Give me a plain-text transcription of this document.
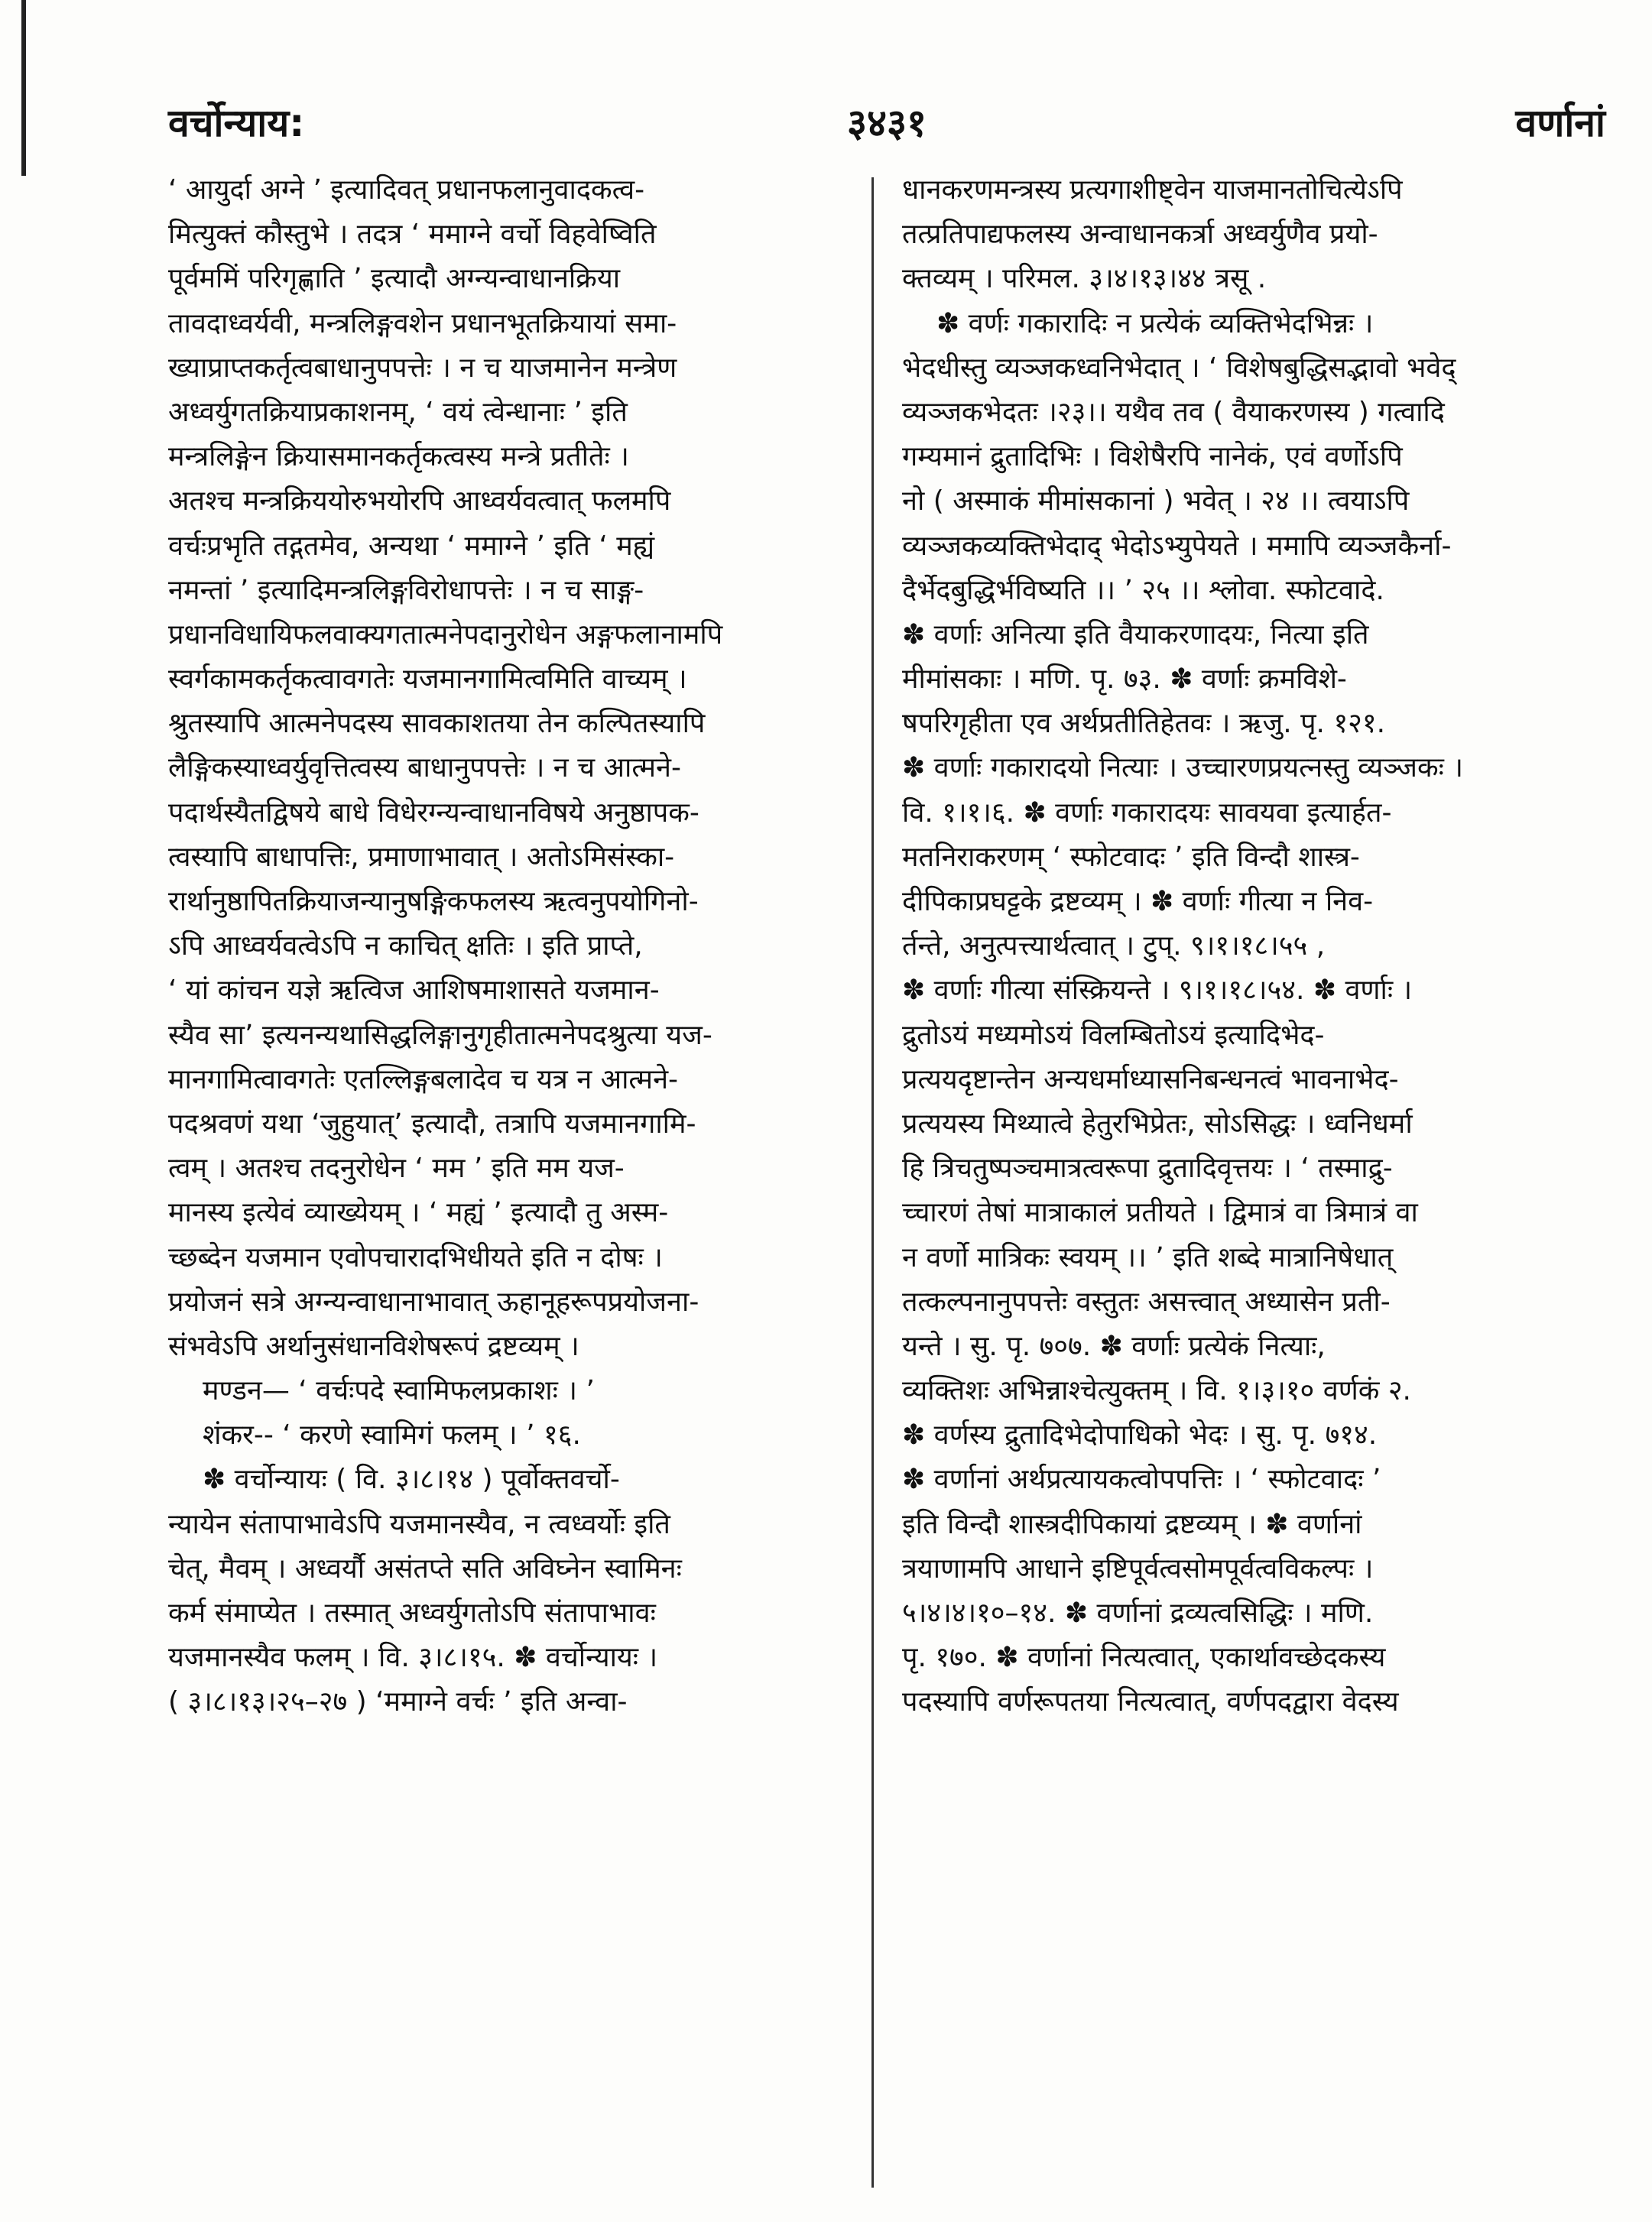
वर्चोन्याय:	३४३१	वर्णानां
‘ आयुर्दा अग्ने ’ इत्यादिवत् प्रधानफलानुवादकत्व-
मित्युक्तं कौस्तुभे । तदत्र ‘ ममाग्ने वर्चो विहवेष्विति
पूर्वममिं परिगृह्णाति ’ इत्यादौ अग्न्यन्वाधानक्रिया
तावदाध्वर्यवी, मन्त्रलिङ्गवशेन प्रधानभूतक्रियायां समा-
ख्याप्राप्तकर्तृत्वबाधानुपपत्तेः । न च याजमानेन मन्त्रेण
अध्वर्युगतक्रियाप्रकाशनम्, ‘ वयं त्वेन्धानाः ’ इति
मन्त्रलिङ्गेन क्रियासमानकर्तृकत्वस्य मन्त्रे प्रतीतेः ।
अतश्च मन्त्रक्रिययोरुभयोरपि आध्वर्यवत्वात् फलमपि
वर्चःप्रभृति तद्गतमेव, अन्यथा ‘ ममाग्ने ’ इति ‘ मह्यं
नमन्तां ’ इत्यादिमन्त्रलिङ्गविरोधापत्तेः । न च साङ्ग-
प्रधानविधायिफलवाक्यगतात्मनेपदानुरोधेन अङ्गफलानामपि
स्वर्गकामकर्तृकत्वावगतेः यजमानगामित्वमिति वाच्यम् ।
श्रुतस्यापि आत्मनेपदस्य सावकाशतया तेन कल्पितस्यापि
लैङ्गिकस्याध्वर्युवृत्तित्वस्य बाधानुपपत्तेः । न च आत्मने-
पदार्थस्यैतद्विषये बाधे विधेरग्न्यन्वाधानविषये अनुष्ठापक-
त्वस्यापि बाधापत्तिः, प्रमाणाभावात् । अतोऽमिसंस्का-
रार्थानुष्ठापितक्रियाजन्यानुषङ्गिकफलस्य ऋत्वनुपयोगिनो-
ऽपि आध्वर्यवत्वेऽपि न काचित् क्षतिः । इति प्राप्ते,
‘ यां कांचन यज्ञे ऋत्विज आशिषमाशासते यजमान-
स्यैव सा’ इत्यनन्यथासिद्धलिङ्गानुगृहीतात्मनेपदश्रुत्या यज-
मानगामित्वावगतेः एतल्लिङ्गबलादेव च यत्र न आत्मने-
पदश्रवणं यथा ‘जुहुयात्’ इत्यादौ, तत्रापि यजमानगामि-
त्वम् । अतश्च तदनुरोधेन ‘ मम ’ इति मम यज-
मानस्य इत्येवं व्याख्येयम् । ‘ मह्यं ’ इत्यादौ तु अस्म-
च्छब्देन यजमान एवोपचारादभिधीयते इति न दोषः ।
प्रयोजनं सत्रे अग्न्यन्वाधानाभावात् ऊहानूहरूपप्रयोजना-
संभवेऽपि अर्थानुसंधानविशेषरूपं द्रष्टव्यम् ।
मण्डन— ‘ वर्चःपदे स्वामिफलप्रकाशः । ’
शंकर-- ‘ करणे स्वामिगं फलम् । ’ १६.
✽ वर्चोन्यायः ( वि. ३।८।१४ ) पूर्वोक्तवर्चो-
न्यायेन संतापाभावेऽपि यजमानस्यैव, न त्वध्वर्योः इति
चेत्, मैवम् । अध्वर्यौ असंतप्ते सति अविघ्नेन स्वामिनः
कर्म संमाप्येत । तस्मात् अध्वर्युगतोऽपि संतापाभावः
यजमानस्यैव फलम् । वि. ३।८।१५. ✽ वर्चोन्यायः ।
( ३।८।१३।२५–२७ ) ‘ममाग्ने वर्चः ’ इति अन्वा-
धानकरणमन्त्रस्य प्रत्यगाशीष्ट्वेन याजमानतोचित्येऽपि
तत्प्रतिपाद्यफलस्य अन्वाधानकर्त्रा अध्वर्युणैव प्रयो-
क्तव्यम् । परिमल. ३।४।१३।४४ त्रसू .
✽ वर्णः गकारादिः न प्रत्येकं व्यक्तिभेदभिन्नः ।
भेदधीस्तु व्यञ्जकध्वनिभेदात् । ‘ विशेषबुद्धिसद्भावो भवेद्
व्यञ्जकभेदतः ।२३।। यथैव तव ( वैयाकरणस्य ) गत्वादि
गम्यमानं द्रुतादिभिः । विशेषैरपि नानेकं, एवं वर्णोऽपि
नो ( अस्माकं मीमांसकानां ) भवेत् । २४ ।। त्वयाऽपि
व्यञ्जकव्यक्तिभेदाद् भेदोऽभ्युपेयते । ममापि व्यञ्जकैर्ना-
दैर्भेदबुद्धिर्भविष्यति ।। ’ २५ ।। श्लोवा. स्फोटवादे.
✽ वर्णाः अनित्या इति वैयाकरणादयः, नित्या इति
मीमांसकाः । मणि. पृ. ७३. ✽ वर्णाः क्रमविशे-
षपरिगृहीता एव अर्थप्रतीतिहेतवः । ऋजु. पृ. १२१.
✽ वर्णाः गकारादयो नित्याः । उच्चारणप्रयत्नस्तु व्यञ्जकः ।
वि. १।१।६. ✽ वर्णाः गकारादयः सावयवा इत्यार्हत-
मतनिराकरणम् ‘ स्फोटवादः ’ इति विन्दौ शास्त्र-
दीपिकाप्रघट्टके द्रष्टव्यम् । ✽ वर्णाः गीत्या न निव-
र्तन्ते, अनुत्पत्त्यार्थत्वात् । टुप्. ९।१।१८।५५ ,
✽ वर्णाः गीत्या संस्क्रियन्ते । ९।१।१८।५४. ✽ वर्णाः ।
द्रुतोऽयं मध्यमोऽयं विलम्बितोऽयं इत्यादिभेद-
प्रत्ययदृष्टान्तेन अन्यधर्माध्यासनिबन्धनत्वं भावनाभेद-
प्रत्ययस्य मिथ्यात्वे हेतुरभिप्रेतः, सोऽसिद्धः । ध्वनिधर्मा
हि त्रिचतुष्पञ्चमात्रत्वरूपा द्रुतादिवृत्तयः । ‘ तस्माद्रु-
च्चारणं तेषां मात्राकालं प्रतीयते । द्विमात्रं वा त्रिमात्रं वा
न वर्णो मात्रिकः स्वयम् ।। ’ इति शब्दे मात्रानिषेधात्
तत्कल्पनानुपपत्तेः वस्तुतः असत्त्वात् अध्यासेन प्रती-
यन्ते । सु. पृ. ७०७. ✽ वर्णाः प्रत्येकं नित्याः,
व्यक्तिशः अभिन्नाश्चेत्युक्तम् । वि. १।३।१० वर्णकं २.
✽ वर्णस्य द्रुतादिभेदोपाधिको भेदः । सु. पृ. ७१४.
✽ वर्णानां अर्थप्रत्यायकत्वोपपत्तिः । ‘ स्फोटवादः ’
इति विन्दौ शास्त्रदीपिकायां द्रष्टव्यम् । ✽ वर्णानां
त्रयाणामपि आधाने इष्टिपूर्वत्वसोमपूर्वत्वविकल्पः ।
५।४।४।१०–१४. ✽ वर्णानां द्रव्यत्वसिद्धिः । मणि.
पृ. १७०. ✽ वर्णानां नित्यत्वात्, एकार्थावच्छेदकस्य
पदस्यापि वर्णरूपतया नित्यत्वात्, वर्णपदद्वारा वेदस्य
